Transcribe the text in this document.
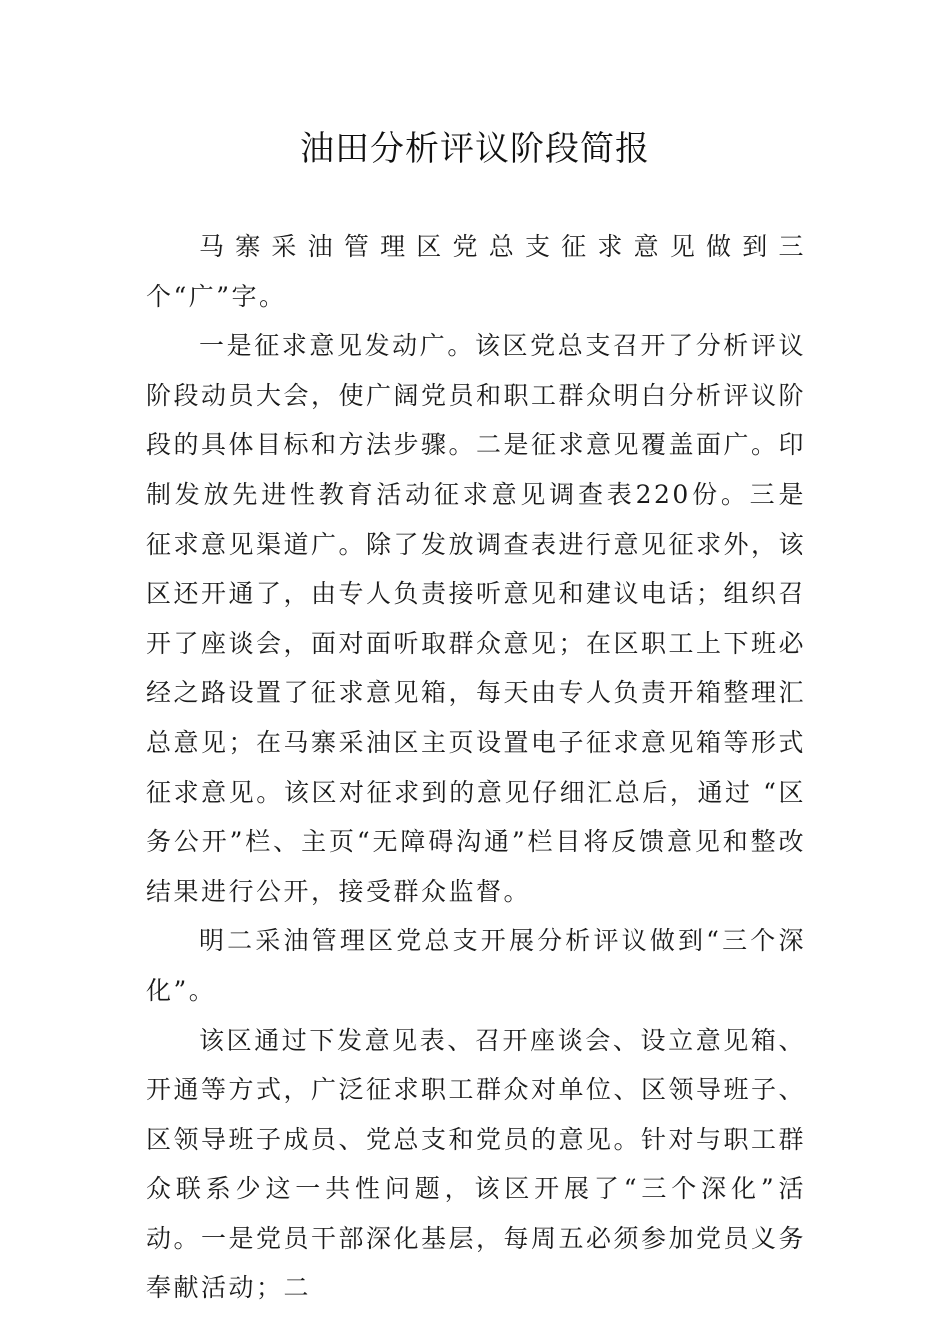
油田分析评议阶段简报

马寨采油管理区党总支征求意见做到三个“广”字。

一是征求意见发动广。该区党总支召开了分析评议阶段动员大会，使广阔党员和职工群众明白分析评议阶段的具体目标和方法步骤。二是征求意见覆盖面广。印制发放先进性教育活动征求意见调查表220份。三是征求意见渠道广。除了发放调查表进行意见征求外，该区还开通了，由专人负责接听意见和建议电话；组织召开了座谈会，面对面听取群众意见；在区职工上下班必经之路设置了征求意见箱，每天由专人负责开箱整理汇总意见；在马寨采油区主页设置电子征求意见箱等形式征求意见。该区对征求到的意见仔细汇总后，通过 “区务公开”栏、主页“无障碍沟通”栏目将反馈意见和整改结果进行公开，接受群众监督。

明二采油管理区党总支开展分析评议做到“三个深化”。

该区通过下发意见表、召开座谈会、设立意见箱、开通等方式，广泛征求职工群众对单位、区领导班子、区领导班子成员、党总支和党员的意见。针对与职工群众联系少这一共性问题，该区开展了“三个深化”活动。一是党员干部深化基层，每周五必须参加党员义务奉献活动；二
